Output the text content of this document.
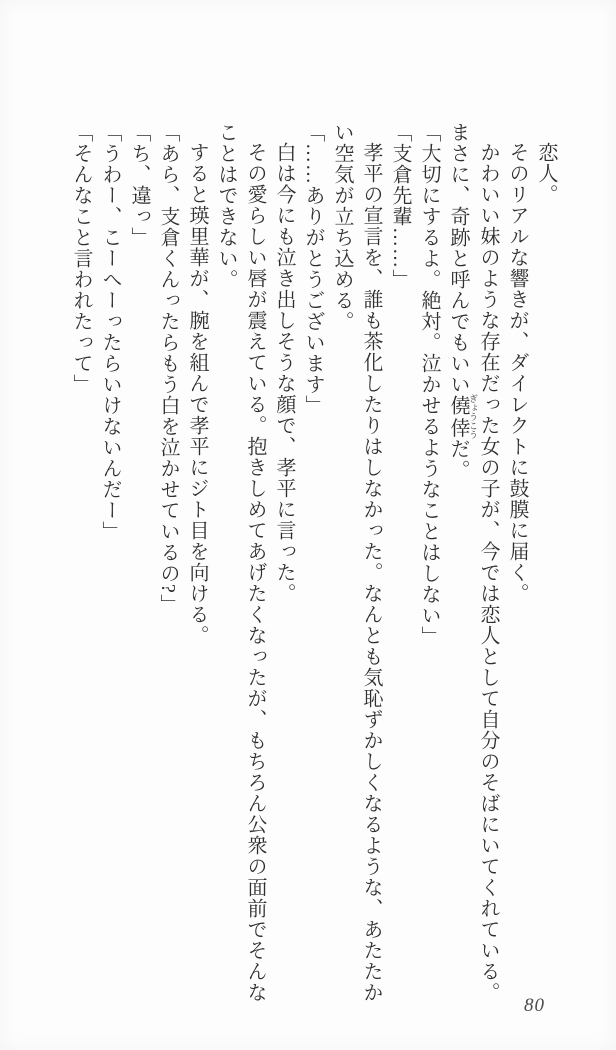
恋人。

そのリアルな響きが、ダイレクトに鼓膜に届く。

かわいい妹のような存在だった女の子が、今では恋人として自分のそばにいてくれている。まさに、奇跡と呼んでもいい僥倖 ぎょうこうだ。

「大切にするよ。絶対。泣かせるようなことはしない」

「支倉先輩……」

孝平の宣言を、誰も茶化したりはしなかった。なんとも気恥ずかしくなるような、あたたかい空気が立ち込める。

「……ありがとうございます」

白は今にも泣き出しそうな顔で、孝平に言った。

その愛らしい唇が震えている。抱きしめてあげたくなったが、もちろん公衆の面前でそんなことはできない。

すると瑛里華が、腕を組んで孝平にジト目を向ける。

「あら、支倉くんったらもう白を泣かせているの?」

「ち、違っ」

「うわー、こーへーったらいけないんだー」

「そんなこと言われたって」

80
